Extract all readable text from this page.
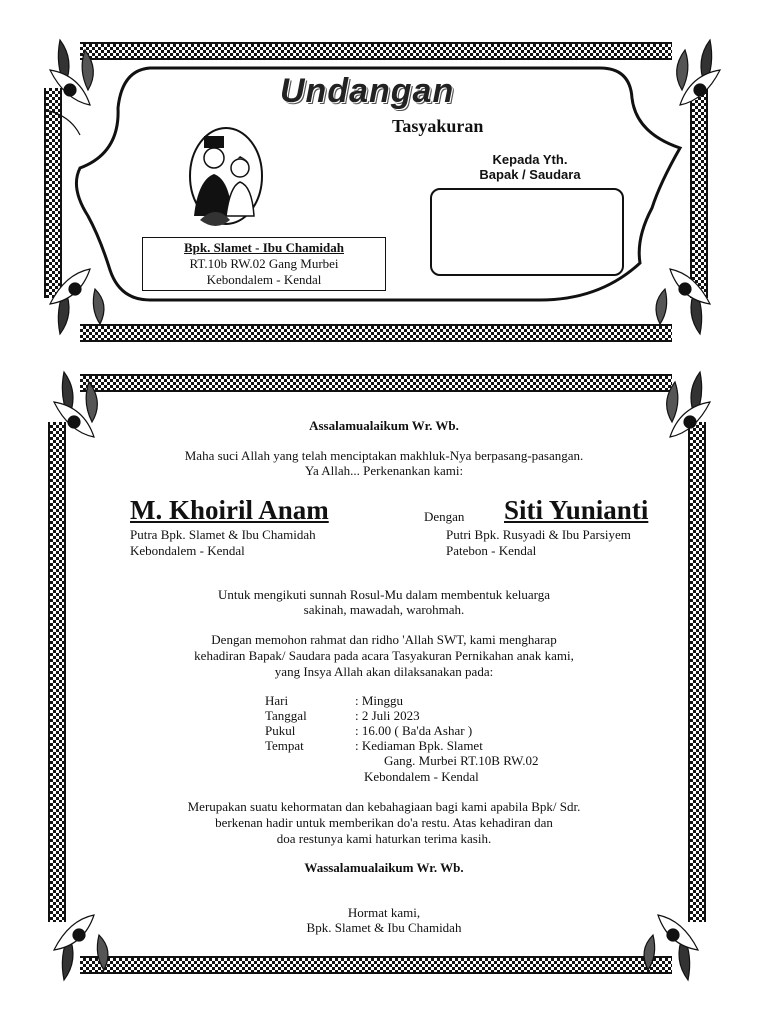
Undangan
Tasyakuran
Bpk. Slamet - Ibu Chamidah
RT.10b RW.02 Gang Murbei
Kebondalem - Kendal
Kepada Yth.
Bapak / Saudara
Assalamualaikum Wr. Wb.
Maha suci Allah yang telah menciptakan makhluk-Nya berpasang-pasangan.
Ya Allah... Perkenankan kami:
M. Khoiril Anam	Dengan Siti Yunianti
Putra Bpk. Slamet & Ibu Chamidah
Kebondalem - Kendal
Putri Bpk. Rusyadi & Ibu Parsiyem
Patebon - Kendal
Untuk mengikuti sunnah Rosul-Mu dalam membentuk keluarga
sakinah, mawadah, warohmah.
Dengan memohon rahmat dan ridho 'Allah SWT, kami mengharap
kehadiran Bapak/ Saudara pada acara Tasyakuran Pernikahan anak kami,
yang Insya Allah akan dilaksanakan pada:
Hari	: Minggu
Tanggal	: 2 Juli 2023
Pukul	: 16.00 ( Ba'da Ashar )
Tempat	: Kediaman Bpk. Slamet
Gang. Murbei RT.10B RW.02
Kebondalem - Kendal
Merupakan suatu kehormatan dan kebahagiaan bagi kami apabila Bpk/ Sdr.
berkenan hadir untuk memberikan do'a restu. Atas kehadiran dan
doa restunya kami haturkan terima kasih.
Wassalamualaikum Wr. Wb.
Hormat kami,
Bpk. Slamet & Ibu Chamidah
